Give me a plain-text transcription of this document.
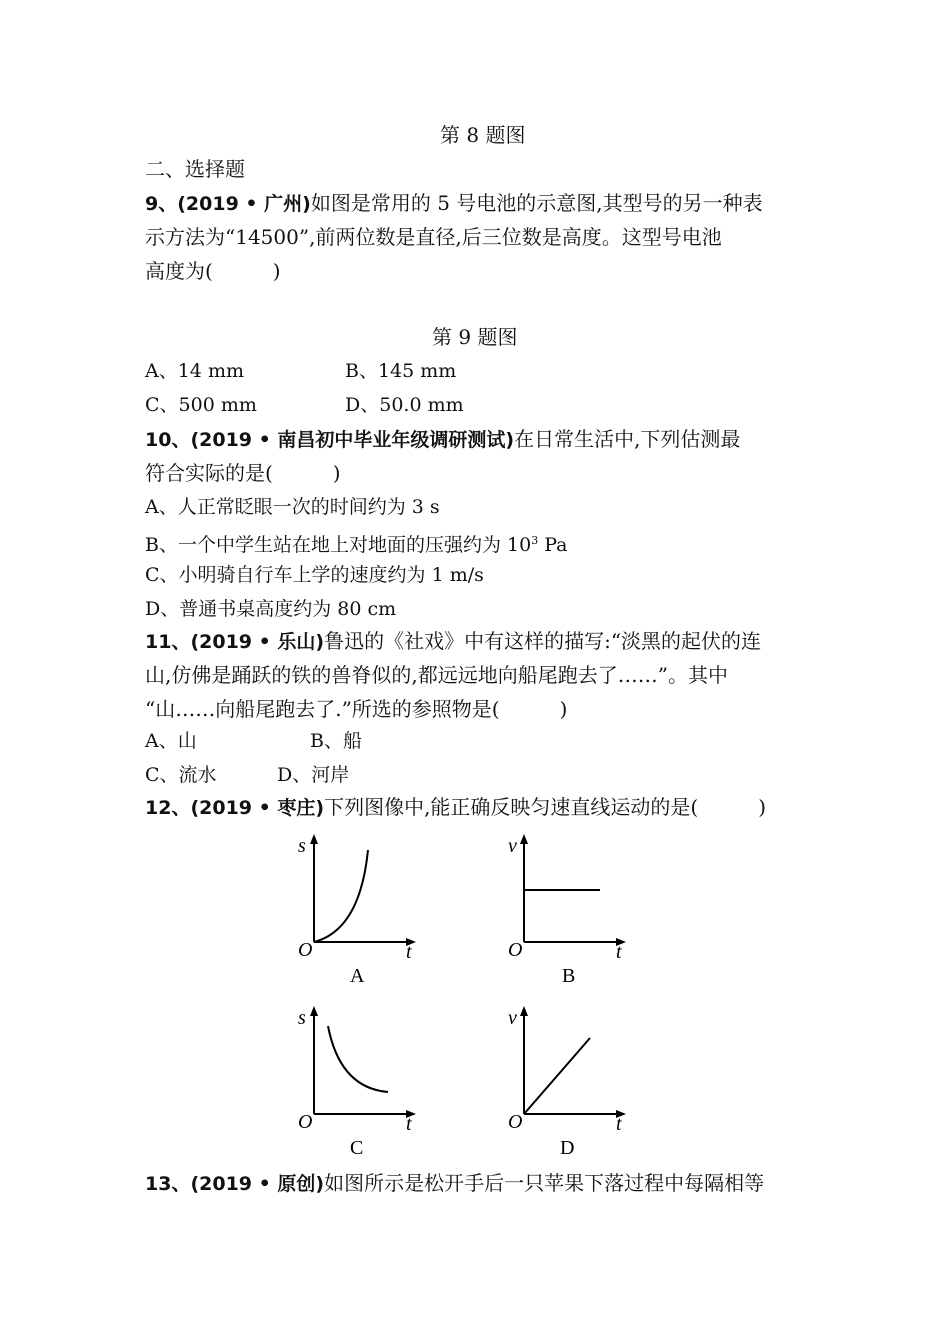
第 8 题图
二、选择题
9、(2019 • 广州)如图是常用的 5 号电池的示意图,其型号的另一种表
示方法为“14500”,前两位数是直径,后三位数是高度。这型号电池
高度为(　　　)
第 9 题图
A、14 mm	B、145 mm
C、500 mm	D、50.0 mm
10、(2019 • 南昌初中毕业年级调研测试)在日常生活中,下列估测最
符合实际的是(　　　)
A、人正常眨眼一次的时间约为 3 s
B、一个中学生站在地上对地面的压强约为 $10^3$ Pa
C、小明骑自行车上学的速度约为 1 m/s
D、普通书桌高度约为 80 cm
11、(2019 • 乐山)鲁迅的《社戏》中有这样的描写:“淡黑的起伏的连
山,仿佛是踊跃的铁的兽脊似的,都远远地向船尾跑去了……”。其中
“山……向船尾跑去了.”所选的参照物是(　　　)
A、山	B、船
C、流水	D、河岸
12、(2019 • 枣庄)下列图像中,能正确反映匀速直线运动的是(　　　)
s
O	t
A
v
O	t
B
s
O	t
C
v
O	t
D
13、(2019 • 原创)如图所示是松开手后一只苹果下落过程中每隔相等
